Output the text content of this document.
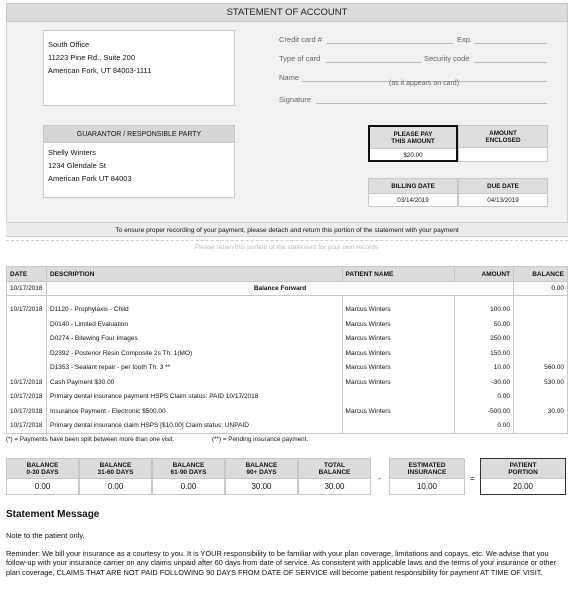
STATEMENT OF ACCOUNT
South Office
11223 Pine Rd., Suite 200
American Fork, UT 84003-1111
GUARANTOR / RESPONSIBLE PARTY
Shelly Winters
1234 Glendale St
American Fork UT 84003
Credit card #	Exp.
Type of card	Security code
Name
(as it appears on card)
Signature
PLEASE PAY
THIS AMOUNT
$20.00
AMOUNT
ENCLOSED
BILLING DATE
03/14/2019
DUE DATE
04/13/2019
To ensure proper recording of your payment, please detach and return this portion of the statement with your payment
Please retain this portion of the statement for your own records
DATE	DESCRIPTION	PATIENT NAME	AMOUNT	BALANCE
10/17/2018	Balance Forward			0.00

10/17/2018	D1120 - Prophylaxis - Child	Marcus Winters	100.00	
	D0140 - Limited Evaluation	Marcus Winters	50.00	
	D0274 - Bitewing Four Images	Marcus Winters	250.00	
	D2392 - Posterior Resin Composite 2s Th: 1(MO)	Marcus Winters	150.00	
	D1353 - Sealant repair - per tooth Th: 3 **	Marcus Winters	10.00	560.00
10/17/2018	Cash Payment $30.00	Marcus Winters	-30.00	530.00
10/17/2018	Primary dental insurance payment HSPS Claim status: PAID 10/17/2018		0.00	
10/17/2018	Insurance Payment - Electronic $500.00	Marcus Winters	-500.00	30.00
10/17/2018	Primary dental insurance claim HSPS [$10.00] Claim status: UNPAID		0.00	
(*) = Payments have been split between more than one visit.	(**) = Pending insurance payment.
BALANCE
0-30 DAYS
0.00
BALANCE
31-60 DAYS
0.00
BALANCE
61-90 DAYS
0.00
BALANCE
90+ DAYS
30.00
TOTAL
BALANCE
30.00
-
ESTIMATED
INSURANCE
10.00
=
PATIENT
PORTION
20.00
Statement Message
Note to the patient only.
Reminder: We bill your insurance as a courtesy to you. It is YOUR responsibility to be familiar with your plan coverage, limitations and copays, etc. We advise that you follow-up with your insurance carrier on any claims unpaid after 60 days from date of service. As consistent with applicable laws and the terms of your insurance or other plan coverage, CLAIMS THAT ARE NOT PAID FOLLOWING 90 DAYS FROM DATE OF SERVICE will become patient responsibility for payment AT TIME OF VISIT.
